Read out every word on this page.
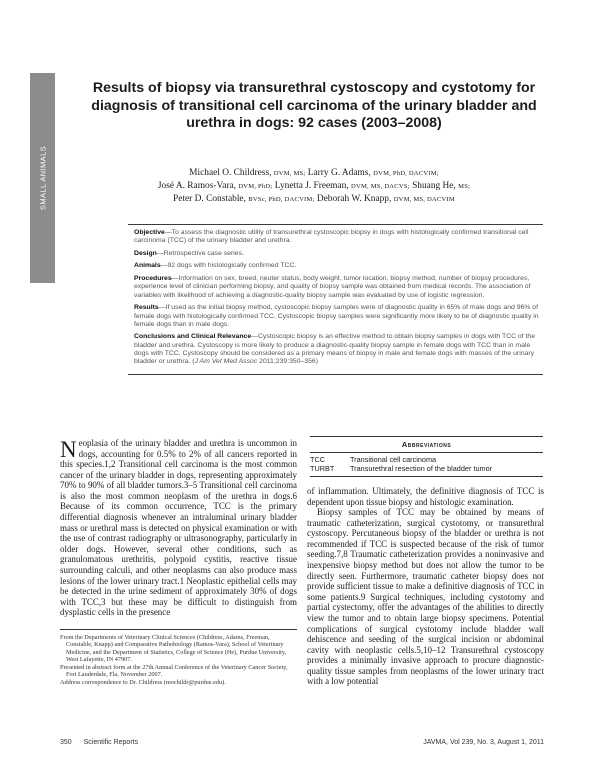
SMALL ANIMALS
Results of biopsy via transurethral cystoscopy and cystotomy for diagnosis of transitional cell carcinoma of the urinary bladder and urethra in dogs: 92 cases (2003–2008)
Michael O. Childress, DVM, MS; Larry G. Adams, DVM, PhD, DACVIM;
José A. Ramos-Vara, DVM, PhD; Lynetta J. Freeman, DVM, MS, DACVS; Shuang He, MS;
Peter D. Constable, BVSc, PhD, DACVIM; Deborah W. Knapp, DVM, MS, DACVIM

Objective—To assess the diagnostic utility of transurethral cystoscopic biopsy in dogs with histologically confirmed transitional cell carcinoma (TCC) of the urinary bladder and urethra.

Design—Retrospective case series.

Animals—92 dogs with histologically confirmed TCC.

Procedures—Information on sex, breed, neuter status, body weight, tumor location, biopsy method, number of biopsy procedures, experience level of clinician performing biopsy, and quality of biopsy sample was obtained from medical records. The association of variables with likelihood of achieving a diagnostic-quality biopsy sample was evaluated by use of logistic regression.

Results—If used as the initial biopsy method, cystoscopic biopsy samples were of diagnostic quality in 65% of male dogs and 96% of female dogs with histologically confirmed TCC. Cystoscopic biopsy samples were significantly more likely to be of diagnostic quality in female dogs than in male dogs.

Conclusions and Clinical Relevance—Cystoscopic biopsy is an effective method to obtain biopsy samples in dogs with TCC of the bladder and urethra. Cystoscopy is more likely to produce a diagnostic-quality biopsy sample in female dogs with TCC than in male dogs with TCC. Cystoscopy should be considered as a primary means of biopsy in male and female dogs with masses of the urinary bladder or urethra. (J Am Vet Med Assoc 2011;239:350–356)

Neoplasia of the urinary bladder and urethra is uncommon in dogs, accounting for 0.5% to 2% of all cancers reported in this species.1,2 Transitional cell carcinoma is the most common cancer of the urinary bladder in dogs, representing approximately 70% to 90% of all bladder tumors.3–5 Transitional cell carcinoma is also the most common neoplasm of the urethra in dogs.6 Because of its common occurrence, TCC is the primary differential diagnosis whenever an intraluminal urinary bladder mass or urethral mass is detected on physical examination or with the use of contrast radiography or ultrasonography, particularly in older dogs. However, several other conditions, such as granulomatous urethritis, polypoid cystitis, reactive tissue surrounding calculi, and other neoplasms can also produce mass lesions of the lower urinary tract.1 Neoplastic epithelial cells may be detected in the urine sediment of approximately 30% of dogs with TCC,3 but these may be difficult to distinguish from dysplastic cells in the presence

From the Departments of Veterinary Clinical Sciences (Childress, Adams, Freeman, Constable, Knapp) and Comparative Pathobiology (Ramos-Vara), School of Veterinary Medicine, and the Department of Statistics, College of Science (He), Purdue University, West Lafayette, IN 47907.

Presented in abstract form at the 27th Annual Conference of the Veterinary Cancer Society, Fort Lauderdale, Fla, November 2007.

Address correspondence to Dr. Childress (mochildr@purdue.edu).

Abbreviations
TCC	Transitional cell carcinoma
TURBT	Transurethral resection of the bladder tumor

of inflammation. Ultimately, the definitive diagnosis of TCC is dependent upon tissue biopsy and histologic examination.

Biopsy samples of TCC may be obtained by means of traumatic catheterization, surgical cystotomy, or transurethral cystoscopy. Percutaneous biopsy of the bladder or urethra is not recommended if TCC is suspected because of the risk of tumor seeding.7,8 Traumatic catheterization provides a noninvasive and inexpensive biopsy method but does not allow the tumor to be directly seen. Furthermore, traumatic catheter biopsy does not provide sufficient tissue to make a definitive diagnosis of TCC in some patients.9 Surgical techniques, including cystotomy and partial cystectomy, offer the advantages of the abilities to directly view the tumor and to obtain large biopsy specimens. Potential complications of surgical cystotomy include bladder wall dehiscence and seeding of the surgical incision or abdominal cavity with neoplastic cells.5,10–12 Transurethral cystoscopy provides a minimally invasive approach to procure diagnostic-quality tissue samples from neoplasms of the lower urinary tract with a low potential

350 Scientific Reports	JAVMA, Vol 239, No. 3, August 1, 2011
